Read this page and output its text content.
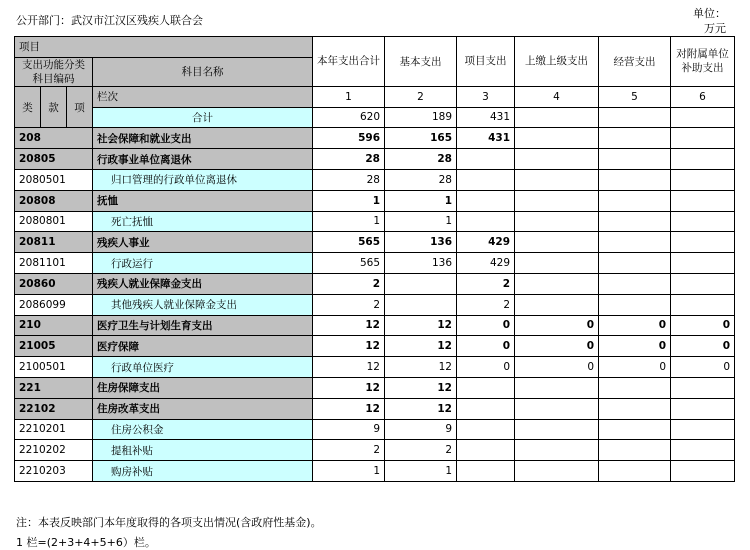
公开部门：武汉市江汉区残疾人联合会
单位：
万元
项目				本年支出合计	基本支出	项目支出	上缴上级支出	经营支出	对附属单位补助支出
支出功能分类科目编码			科目名称						

类	款	项	栏次	1	2	3	4	5	6
			合计	620	189	431			
208			社会保障和就业支出	596	165	431			
20805			行政事业单位离退休	28	28				
2080501			归口管理的行政单位离退休	28	28				
20808			抚恤	1	1				
2080801			死亡抚恤	1	1				
20811			残疾人事业	565	136	429			
2081101			行政运行	565	136	429			
20860			残疾人就业保障金支出	2		2			
2086099			其他残疾人就业保障金支出	2		2			
210			医疗卫生与计划生育支出	12	12	0	0	0	0
21005			医疗保障	12	12	0	0	0	0
2100501			行政单位医疗	12	12	0	0	0	0
221			住房保障支出	12	12				
22102			住房改革支出	12	12				
2210201			住房公积金	9	9				
2210202			提租补贴	2	2				
2210203			购房补贴	1	1				
注：本表反映部门本年度取得的各项支出情况(含政府性基金)。
1 栏=(2+3+4+5+6）栏。
